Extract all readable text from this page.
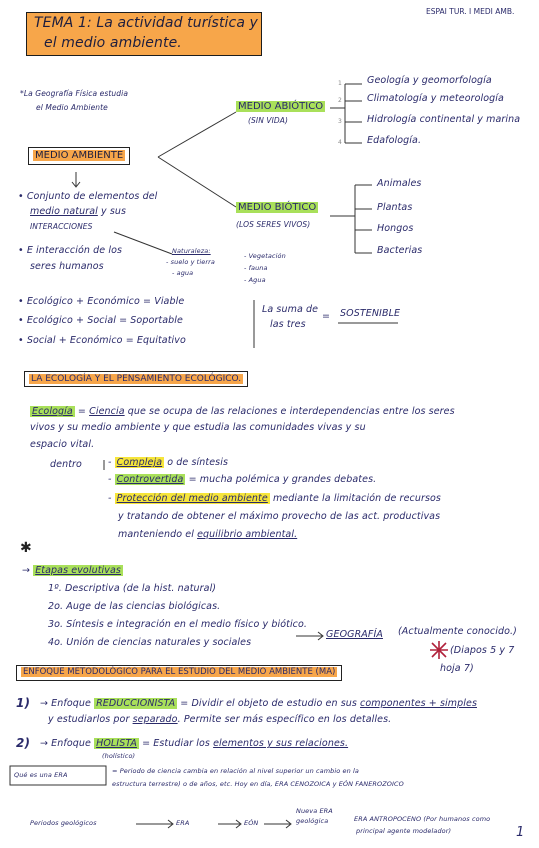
ESPAI TUR. I MEDI AMB.
TEMA 1: La actividad turística y
el medio ambiente.
*La Geografía Física estudia
el Medio Ambiente
MEDIO AMBIENTE
MEDIO ABIÓTICO
(SIN VIDA)
1
2
3
4
Geología y geomorfología
Climatología y meteorología
Hidrología continental y marina
Edafología.
MEDIO BIÓTICO
(LOS SERES VIVOS)
Animales
Plantas
Hongos
Bacterias
• Conjunto de elementos del
medio natural y sus
INTERACCIONES
• E interacción de los
seres humanos
Naturaleza:
- suelo y tierra
- agua
- Vegetación
- fauna
- Agua
• Ecológico + Económico = Viable
• Ecológico + Social = Soportable
• Social + Económico = Equitativo
La suma de
las tres
= SOSTENIBLE
LA ECOLOGÍA Y EL PENSAMIENTO ECOLÓGICO.
Ecología = Ciencia que se ocupa de las relaciones e interdependencias entre los seres
vivos y su medio ambiente y que estudia las comunidades vivas y su
espacio vital.
dentro	- Compleja o de síntesis
- Controvertida = mucha polémica y grandes debates.
- Protección del medio ambiente mediante la limitación de recursos
y tratando de obtener el máximo provecho de las act. productivas
manteniendo el equilibrio ambiental.
✱
→ Etapas evolutivas
1º. Descriptiva (de la hist. natural)
2o. Auge de las ciencias biológicas.
3o. Síntesis e integración en el medio físico y biótico.
4o. Unión de ciencias naturales y sociales
GEOGRAFÍA (Actualmente conocido.)
(Diapos 5 y 7
hoja 7)
ENFOQUE METODOLÓGICO PARA EL ESTUDIO DEL MEDIO AMBIENTE (MA)
1) → Enfoque REDUCCIONISTA = Dividir el objeto de estudio en sus componentes + simples
y estudiarlos por separado. Permite ser más específico en los detalles.
2) → Enfoque HOLISTA = Estudiar los elementos y sus relaciones.
(holístico)
Qué es una ERA	= Periodo de ciencia cambia en relación al nivel superior un cambio en la
estructura terrestre) o de años, etc. Hoy en día, ERA CENOZOICA y EÓN FANEROZOICO
Periodos geológicos	ERA	EÓN
Nueva ERA
geológica	ERA ANTROPOCENO (Por humanos como
principal agente modelador)	1
